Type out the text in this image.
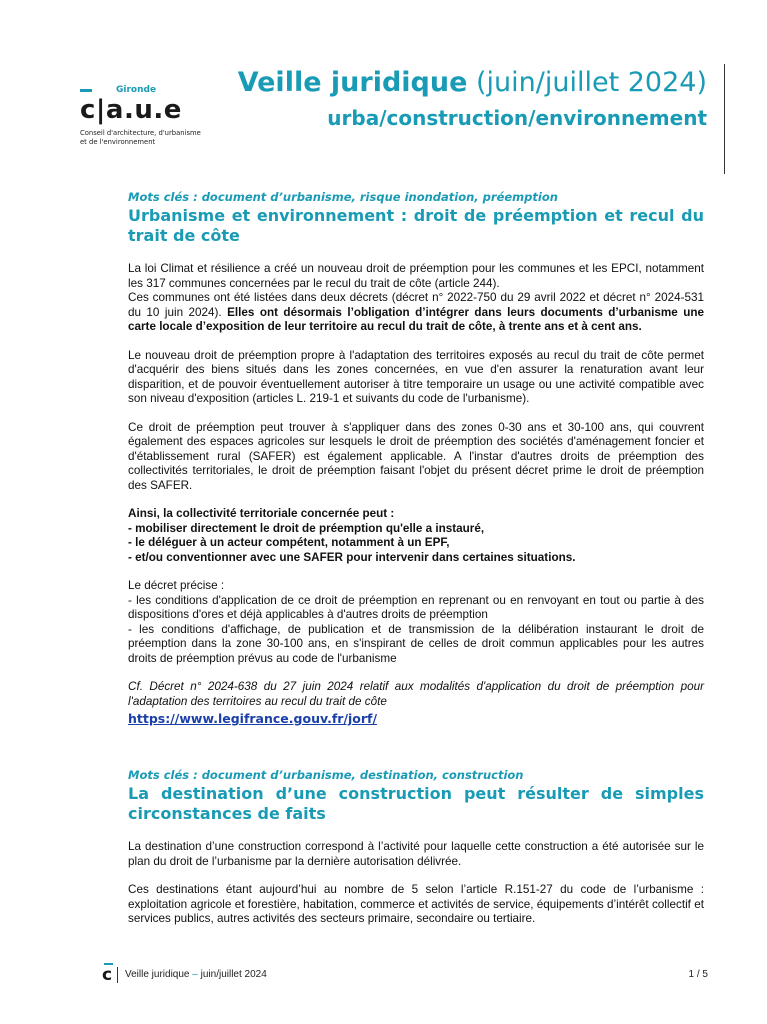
Gironde
c|a.u.e
Conseil d'architecture, d'urbanisme
et de l'environnement
Veille juridique (juin/juillet 2024)
urba/construction/environnement

Mots clés : document d’urbanisme, risque inondation, préemption

Urbanisme et environnement : droit de préemption et recul du trait de côte
La loi Climat et résilience a créé un nouveau droit de préemption pour les communes et les EPCI, notamment les 317 communes concernées par le recul du trait de côte (article 244).
Ces communes ont été listées dans deux décrets (décret n° 2022-750 du 29 avril 2022 et décret n° 2024-531 du 10 juin 2024). Elles ont désormais l’obligation d’intégrer dans leurs documents d’urbanisme une carte locale d’exposition de leur territoire au recul du trait de côte, à trente ans et à cent ans.
Le nouveau droit de préemption propre à l'adaptation des territoires exposés au recul du trait de côte permet d'acquérir des biens situés dans les zones concernées, en vue d'en assurer la renaturation avant leur disparition, et de pouvoir éventuellement autoriser à titre temporaire un usage ou une activité compatible avec son niveau d'exposition (articles L. 219-1 et suivants du code de l'urbanisme).
Ce droit de préemption peut trouver à s'appliquer dans des zones 0-30 ans et 30-100 ans, qui couvrent également des espaces agricoles sur lesquels le droit de préemption des sociétés d'aménagement foncier et d'établissement rural (SAFER) est également applicable. A l'instar d'autres droits de préemption des collectivités territoriales, le droit de préemption faisant l'objet du présent décret prime le droit de préemption des SAFER.
Ainsi, la collectivité territoriale concernée peut :
- mobiliser directement le droit de préemption qu'elle a instauré,
- le déléguer à un acteur compétent, notamment à un EPF,
- et/ou conventionner avec une SAFER pour intervenir dans certaines situations.
Le décret précise :
- les conditions d'application de ce droit de préemption en reprenant ou en renvoyant en tout ou partie à des dispositions d'ores et déjà applicables à d'autres droits de préemption
- les conditions d'affichage, de publication et de transmission de la délibération instaurant le droit de préemption dans la zone 30-100 ans, en s'inspirant de celles de droit commun applicables pour les autres droits de préemption prévus au code de l'urbanisme

Cf. Décret n° 2024-638 du 27 juin 2024 relatif aux modalités d'application du droit de préemption pour l'adaptation des territoires au recul du trait de côte

https://www.legifrance.gouv.fr/jorf/

Mots clés : document d’urbanisme, destination, construction

La destination d’une construction peut résulter de simples circonstances de faits
La destination d’une construction correspond à l’activité pour laquelle cette construction a été autorisée sur le plan du droit de l’urbanisme par la dernière autorisation délivrée.
Ces destinations étant aujourd’hui au nombre de 5 selon l’article R.151-27 du code de l’urbanisme : exploitation agricole et forestière, habitation, commerce et activités de service, équipements d’intérêt collectif et services publics, autres activités des secteurs primaire, secondaire ou tertiaire.
c Veille juridique – juin/juillet 2024	1 / 5
